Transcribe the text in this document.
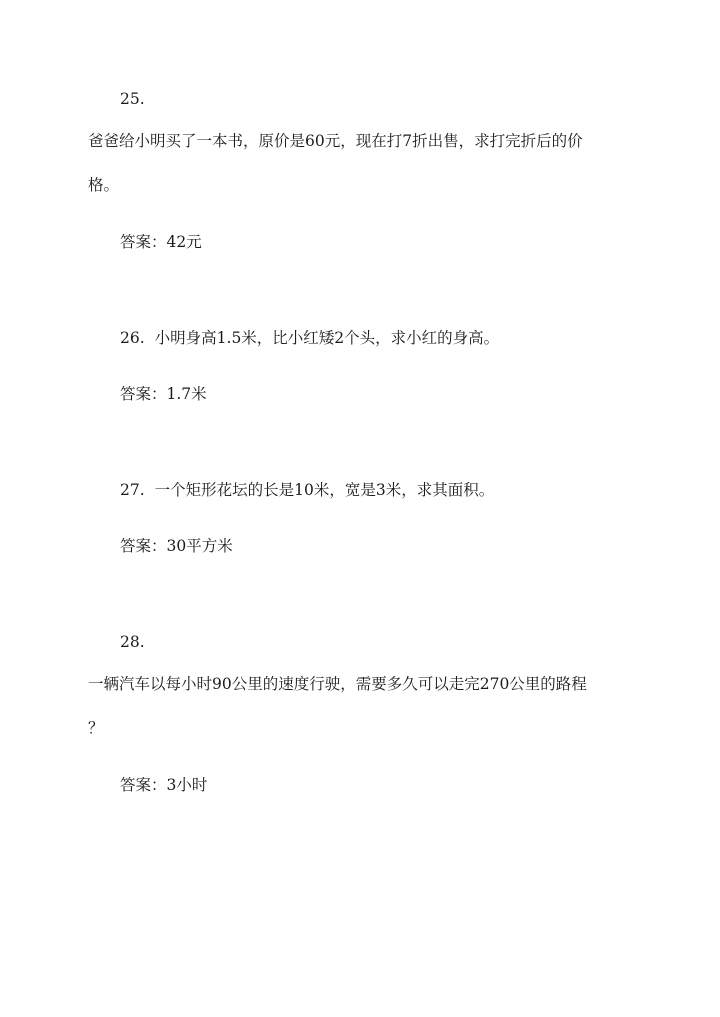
25.
爸爸给小明买了一本书，原价是60元，现在打7折出售，求打完折后的价
格。
答案：42元
26. 小明身高1.5米，比小红矮2个头，求小红的身高。
答案：1.7米
27. 一个矩形花坛的长是10米，宽是3米，求其面积。
答案：30平方米
28.
一辆汽车以每小时90公里的速度行驶，需要多久可以走完270公里的路程
？
答案：3小时
